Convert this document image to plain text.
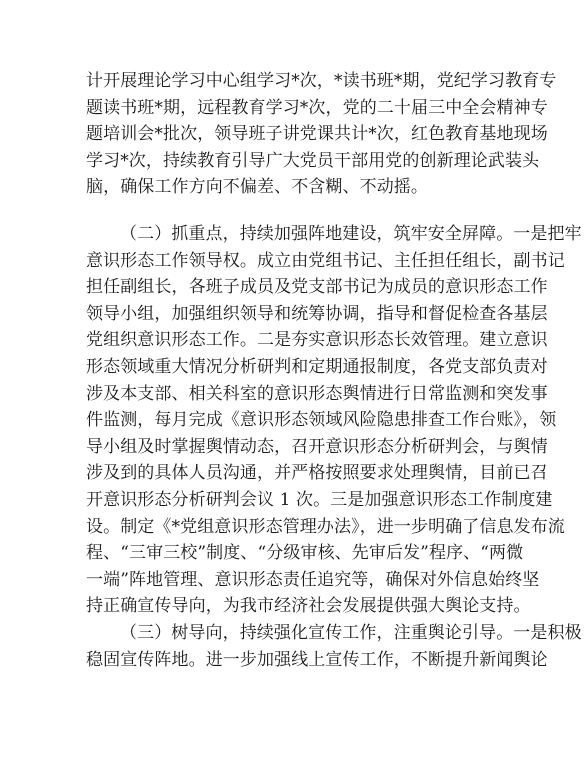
计开展理论学习中心组学习*次，*读书班*期，党纪学习教育专
题读书班*期，远程教育学习*次，党的二十届三中全会精神专
题培训会*批次，领导班子讲党课共计*次，红色教育基地现场
学习*次，持续教育引导广大党员干部用党的创新理论武装头
脑，确保工作方向不偏差、不含糊、不动摇。
（二）抓重点，持续加强阵地建设，筑牢安全屏障。一是把牢
意识形态工作领导权。成立由党组书记、主任担任组长，副书记
担任副组长，各班子成员及党支部书记为成员的意识形态工作
领导小组，加强组织领导和统筹协调，指导和督促检查各基层
党组织意识形态工作。二是夯实意识形态长效管理。建立意识
形态领域重大情况分析研判和定期通报制度，各党支部负责对
涉及本支部、相关科室的意识形态舆情进行日常监测和突发事
件监测，每月完成《意识形态领域风险隐患排查工作台账》，领
导小组及时掌握舆情动态，召开意识形态分析研判会，与舆情
涉及到的具体人员沟通，并严格按照要求处理舆情，目前已召
开意识形态分析研判会议 1 次。三是加强意识形态工作制度建
设。制定《*党组意识形态管理办法》，进一步明确了信息发布流
程、“三审三校”制度、“分级审核、先审后发”程序、“两微
一端”阵地管理、意识形态责任追究等，确保对外信息始终坚
持正确宣传导向，为我市经济社会发展提供强大舆论支持。
（三）树导向，持续强化宣传工作，注重舆论引导。一是积极
稳固宣传阵地。进一步加强线上宣传工作，不断提升新闻舆论
